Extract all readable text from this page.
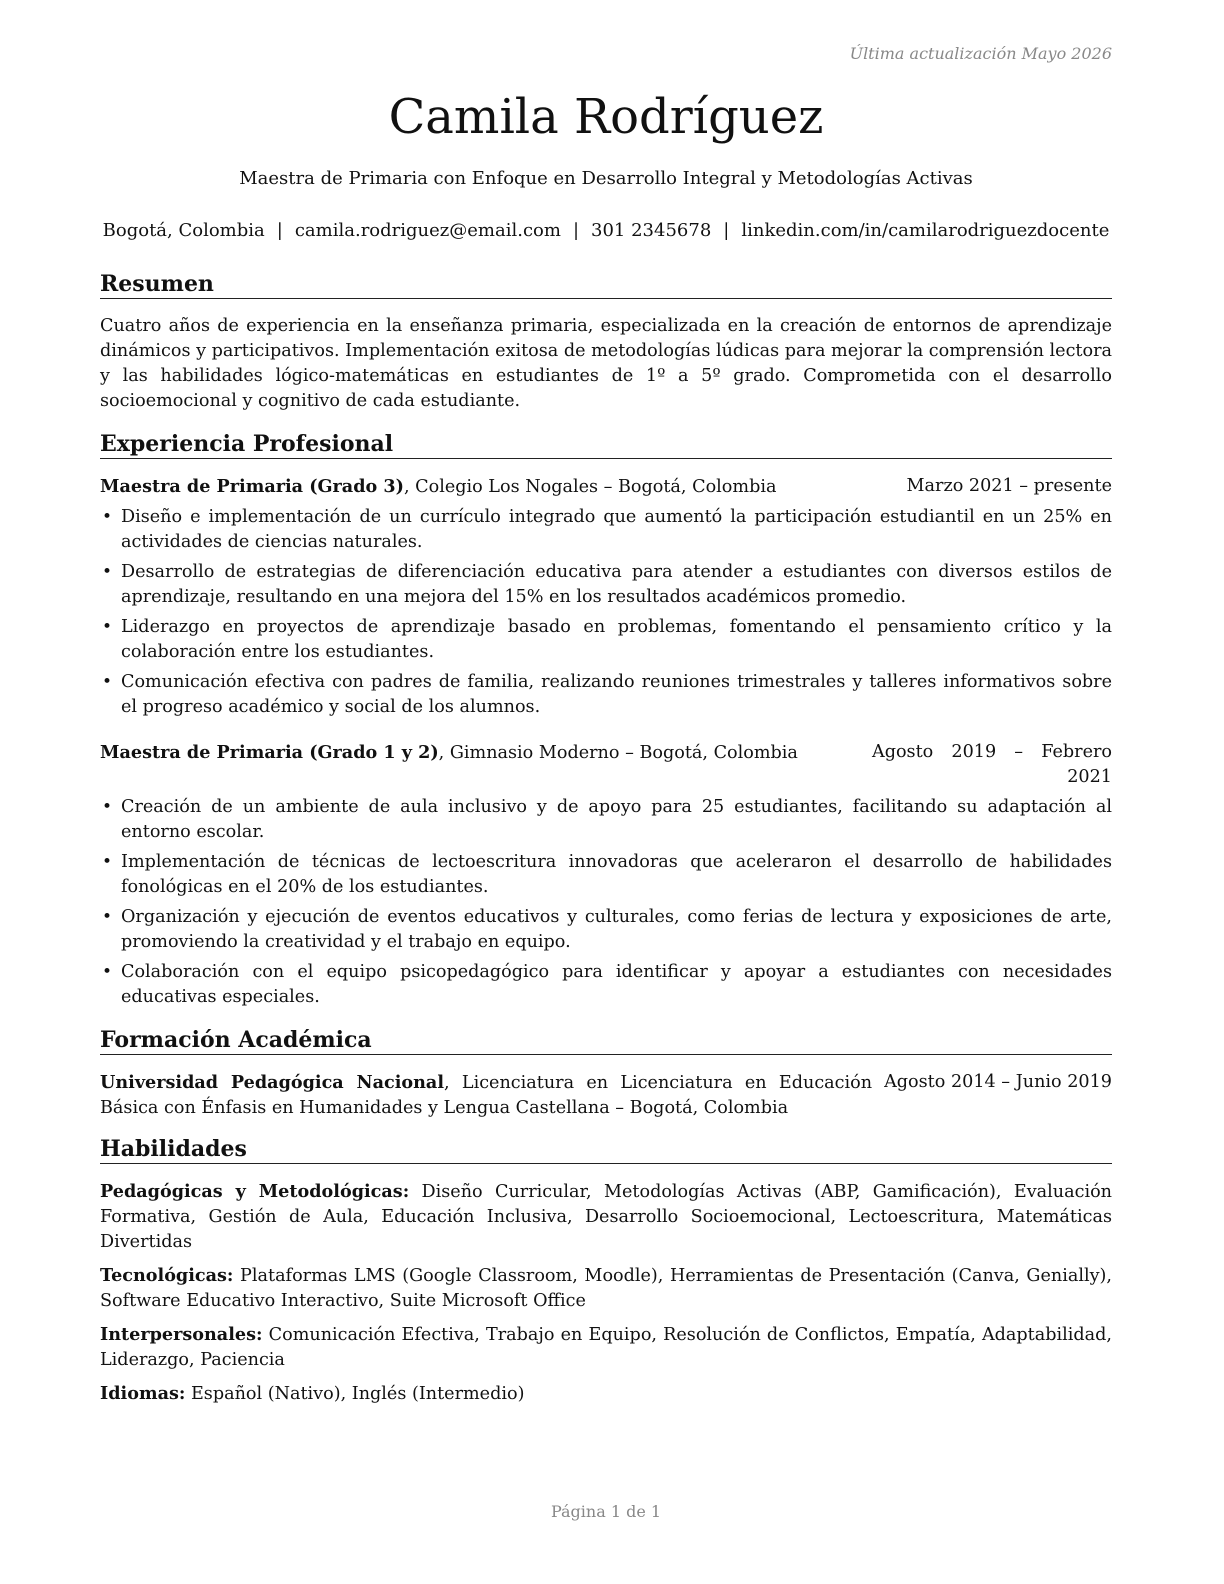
Última actualización Mayo 2026
Camila Rodríguez
Maestra de Primaria con Enfoque en Desarrollo Integral y Metodologías Activas
Bogotá, Colombia | camila.rodriguez@email.com | 301 2345678 | linkedin.com/in/camilarodriguezdocente
Resumen

Cuatro años de experiencia en la enseñanza primaria, especializada en la creación de entornos de aprendizaje dinámicos y participativos. Implementación exitosa de metodologías lúdicas para mejorar la comprensión lectora y las habilidades lógico-matemáticas en estudiantes de 1º a 5º grado. Comprometida con el desarrollo socioemocional y cognitivo de cada estudiante.

Experiencia Profesional
Maestra de Primaria (Grado 3), Colegio Los Nogales – Bogotá, Colombia	Marzo 2021 – presente
• Diseño e implementación de un currículo integrado que aumentó la participación estudiantil en un 25% en actividades de ciencias naturales.
• Desarrollo de estrategias de diferenciación educativa para atender a estudiantes con diversos estilos de aprendizaje, resultando en una mejora del 15% en los resultados académicos promedio.
• Liderazgo en proyectos de aprendizaje basado en problemas, fomentando el pensamiento crítico y la colaboración entre los estudiantes.
• Comunicación efectiva con padres de familia, realizando reuniones trimestrales y talleres informativos sobre el progreso académico y social de los alumnos.
Maestra de Primaria (Grado 1 y 2), Gimnasio Moderno – Bogotá, Colombia	Agosto 2019 – Febrero 2021
• Creación de un ambiente de aula inclusivo y de apoyo para 25 estudiantes, facilitando su adaptación al entorno escolar.
• Implementación de técnicas de lectoescritura innovadoras que aceleraron el desarrollo de habilidades fonológicas en el 20% de los estudiantes.
• Organización y ejecución de eventos educativos y culturales, como ferias de lectura y exposiciones de arte, promoviendo la creatividad y el trabajo en equipo.
• Colaboración con el equipo psicopedagógico para identificar y apoyar a estudiantes con necesidades educativas especiales.
Formación Académica
Universidad Pedagógica Nacional, Licenciatura en Licenciatura en Educación Básica con Énfasis en Humanidades y Lengua Castellana – Bogotá, Colombia
Agosto 2014 – Junio 2019
Habilidades
Pedagógicas y Metodológicas: Diseño Curricular, Metodologías Activas (ABP, Gamificación), Evaluación Formativa, Gestión de Aula, Educación Inclusiva, Desarrollo Socioemocional, Lectoescritura, Matemáticas Divertidas
Tecnológicas: Plataformas LMS (Google Classroom, Moodle), Herramientas de Presentación (Canva, Genially), Software Educativo Interactivo, Suite Microsoft Office
Interpersonales: Comunicación Efectiva, Trabajo en Equipo, Resolución de Conflictos, Empatía, Adaptabilidad, Liderazgo, Paciencia
Idiomas: Español (Nativo), Inglés (Intermedio)
Página 1 de 1
